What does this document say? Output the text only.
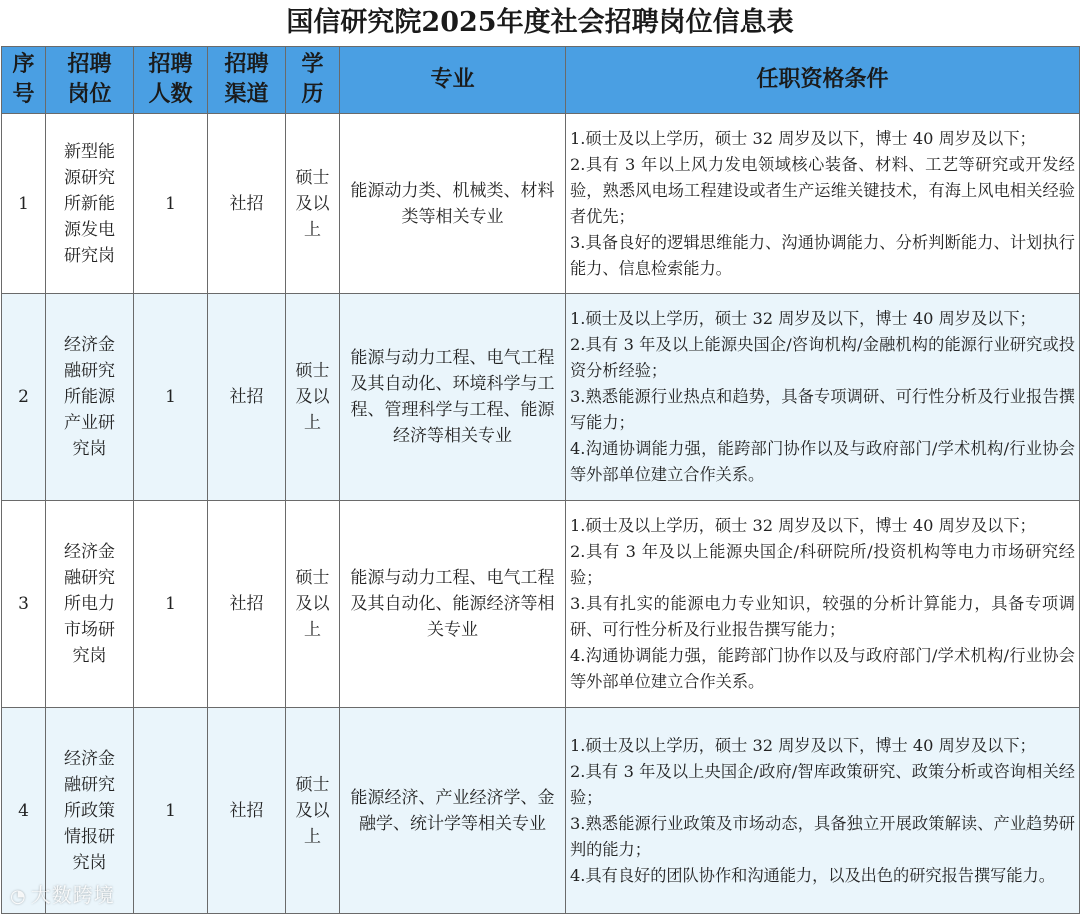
国信研究院2025年度社会招聘岗位信息表
序号	招聘岗位	招聘人数	招聘渠道	学历	专业	任职资格条件
1	新型能源研究所新能源发电研究岗	1	社招	硕士及以上	能源动力类、机械类、材料类等相关专业	1.硕士及以上学历，硕士 32 周岁及以下，博士 40 周岁及以下；
2.具有 3 年以上风力发电领域核心装备、材料、工艺等研究或开发经验，熟悉风电场工程建设或者生产运维关键技术，有海上风电相关经验者优先；
3.具备良好的逻辑思维能力、沟通协调能力、分析判断能力、计划执行能力、信息检索能力。

2	经济金融研究所能源产业研究岗	1	社招	硕士及以上	能源与动力工程、电气工程及其自动化、环境科学与工程、管理科学与工程、能源经济等相关专业	1.硕士及以上学历，硕士 32 周岁及以下，博士 40 周岁及以下；
2.具有 3 年及以上能源央国企/咨询机构/金融机构的能源行业研究或投资分析经验；
3.熟悉能源行业热点和趋势，具备专项调研、可行性分析及行业报告撰写能力；
4.沟通协调能力强，能跨部门协作以及与政府部门/学术机构/行业协会等外部单位建立合作关系。

3	经济金融研究所电力市场研究岗	1	社招	硕士及以上	能源与动力工程、电气工程及其自动化、能源经济等相关专业	1.硕士及以上学历，硕士 32 周岁及以下，博士 40 周岁及以下；
2.具有 3 年及以上能源央国企/科研院所/投资机构等电力市场研究经验；
3.具有扎实的能源电力专业知识，较强的分析计算能力，具备专项调研、可行性分析及行业报告撰写能力；
4.沟通协调能力强，能跨部门协作以及与政府部门/学术机构/行业协会等外部单位建立合作关系。

4	经济金融研究所政策情报研究岗	1	社招	硕士及以上	能源经济、产业经济学、金融学、统计学等相关专业	1.硕士及以上学历，硕士 32 周岁及以下，博士 40 周岁及以下；
2.具有 3 年及以上央国企/政府/智库政策研究、政策分析或咨询相关经验；
3.熟悉能源行业政策及市场动态，具备独立开展政策解读、产业趋势研判的能力；
4.具有良好的团队协作和沟通能力，以及出色的研究报告撰写能力。
◔ 大数跨境
